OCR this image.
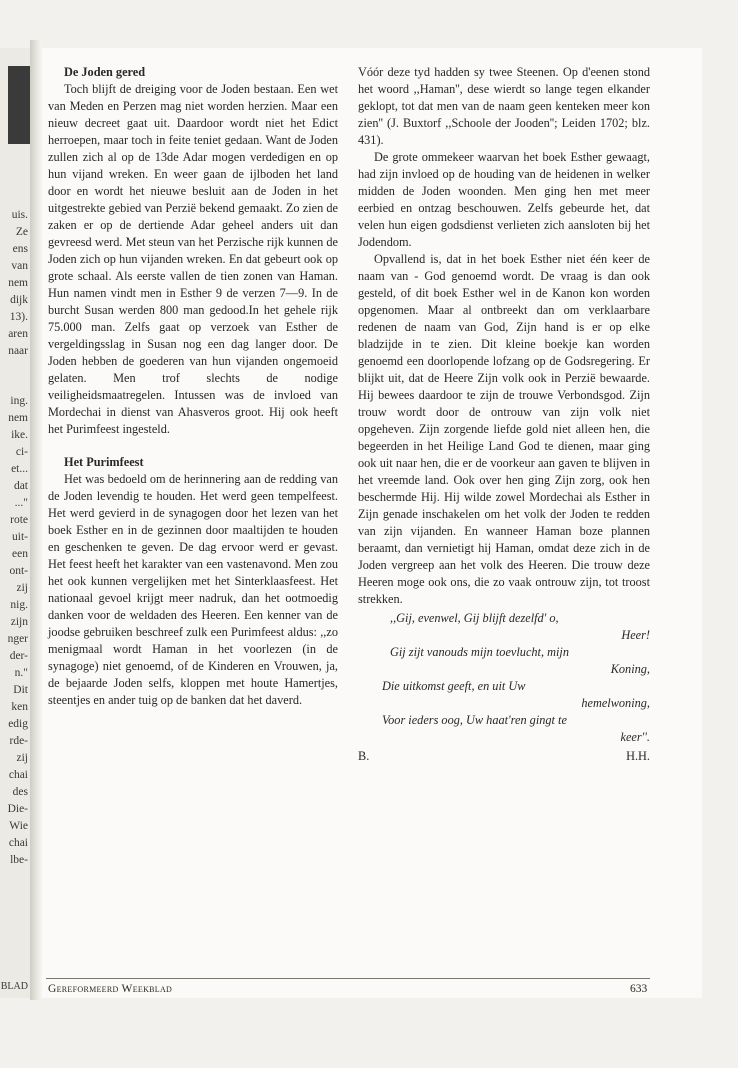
uis.
Ze
ens
van
nem
dijk
13).
aren
naar
ing.
nem
ike.
ci-
et...
dat
..."
rote
uit-
een
ont-
zij
nig.
zijn
nger
der-
n."
Dit
ken
edig
rde-
zij
chai
des
Die-
Wie
chai
lbe-
BLAD

De Joden gered

Toch blijft de dreiging voor de Joden bestaan. Een wet van Meden en Perzen mag niet worden herzien. Maar een nieuw decreet gaat uit. Daardoor wordt niet het Edict herroepen, maar toch in feite teniet gedaan. Want de Joden zullen zich al op de 13de Adar mogen verdedigen en op hun vijand wreken. En weer gaan de ijlboden het land door en wordt het nieuwe besluit aan de Joden in het uitgestrekte gebied van Perzië bekend gemaakt. Zo zien de zaken er op de dertiende Adar geheel anders uit dan gevreesd werd. Met steun van het Perzische rijk kunnen de Joden zich op hun vijanden wreken. En dat gebeurt ook op grote schaal. Als eerste vallen de tien zonen van Haman. Hun namen vindt men in Esther 9 de verzen 7—9. In de burcht Susan werden 800 man gedood.In het gehele rijk 75.000 man. Zelfs gaat op verzoek van Esther de vergeldingsslag in Susan nog een dag langer door. De Joden hebben de goederen van hun vijanden ongemoeid gelaten. Men trof slechts de nodige veiligheidsmaatregelen. Intussen was de invloed van Mordechai in dienst van Ahasveros groot. Hij ook heeft het Purimfeest ingesteld.

Het Purimfeest

Het was bedoeld om de herinnering aan de redding van de Joden levendig te houden. Het werd geen tempelfeest. Het werd gevierd in de synagogen door het lezen van het boek Esther en in de gezinnen door maaltijden te houden en geschenken te geven. De dag ervoor werd er gevast. Het feest heeft het karakter van een vastenavond. Men zou het ook kunnen vergelijken met het Sinterklaasfeest. Het nationaal gevoel krijgt meer nadruk, dan het ootmoedig danken voor de weldaden des Heeren. Een kenner van de joodse gebruiken beschreef zulk een Purimfeest aldus: ,,zo menigmaal wordt Haman in het voorlezen (in de synagoge) niet genoemd, of de Kinderen en Vrouwen, ja, de bejaarde Joden selfs, kloppen met houte Hamertjes, steentjes en ander tuig op de banken dat het daverd.

Vóór deze tyd hadden sy twee Steenen. Op d'eenen stond het woord ,,Haman'', dese wierdt so lange tegen elkander geklopt, tot dat men van de naam geen kenteken meer kon zien'' (J. Buxtorf ,,Schoole der Jooden''; Leiden 1702; blz. 431).

De grote ommekeer waarvan het boek Esther gewaagt, had zijn invloed op de houding van de heidenen in welker midden de Joden woonden. Men ging hen met meer eerbied en ontzag beschouwen. Zelfs gebeurde het, dat velen hun eigen godsdienst verlieten zich aansloten bij het Jodendom.

Opvallend is, dat in het boek Esther niet één keer de naam van - God genoemd wordt. De vraag is dan ook gesteld, of dit boek Esther wel in de Kanon kon worden opgenomen. Maar al ontbreekt dan om verklaarbare redenen de naam van God, Zijn hand is er op elke bladzijde in te zien. Dit kleine boekje kan worden genoemd een doorlopende lofzang op de Godsregering. Er blijkt uit, dat de Heere Zijn volk ook in Perzië bewaarde. Hij bewees daardoor te zijn de trouwe Verbondsgod. Zijn trouw wordt door de ontrouw van zijn volk niet opgeheven. Zijn zorgende liefde gold niet alleen hen, die begeerden in het Heilige Land God te dienen, maar ging ook uit naar hen, die er de voorkeur aan gaven te blijven in het vreemde land. Ook over hen ging Zijn zorg, ook hen beschermde Hij. Hij wilde zowel Mordechai als Esther in Zijn genade inschakelen om het volk der Joden te redden van zijn vijanden. En wanneer Haman boze plannen beraamt, dan vernietigt hij Haman, omdat deze zich in de Joden vergreep aan het volk des Heeren. Die trouw deze Heeren moge ook ons, die zo vaak ontrouw zijn, tot troost strekken.

,,Gij, evenwel, Gij blijft dezelfd' o,
Heer!
Gij zijt vanouds mijn toevlucht, mijn
Koning,
Die uitkomst geeft, en uit Uw
hemelwoning,
Voor ieders oog, Uw haat'ren gingt te
keer''.
B.	H.H.
Gereformeerd Weekblad	633
